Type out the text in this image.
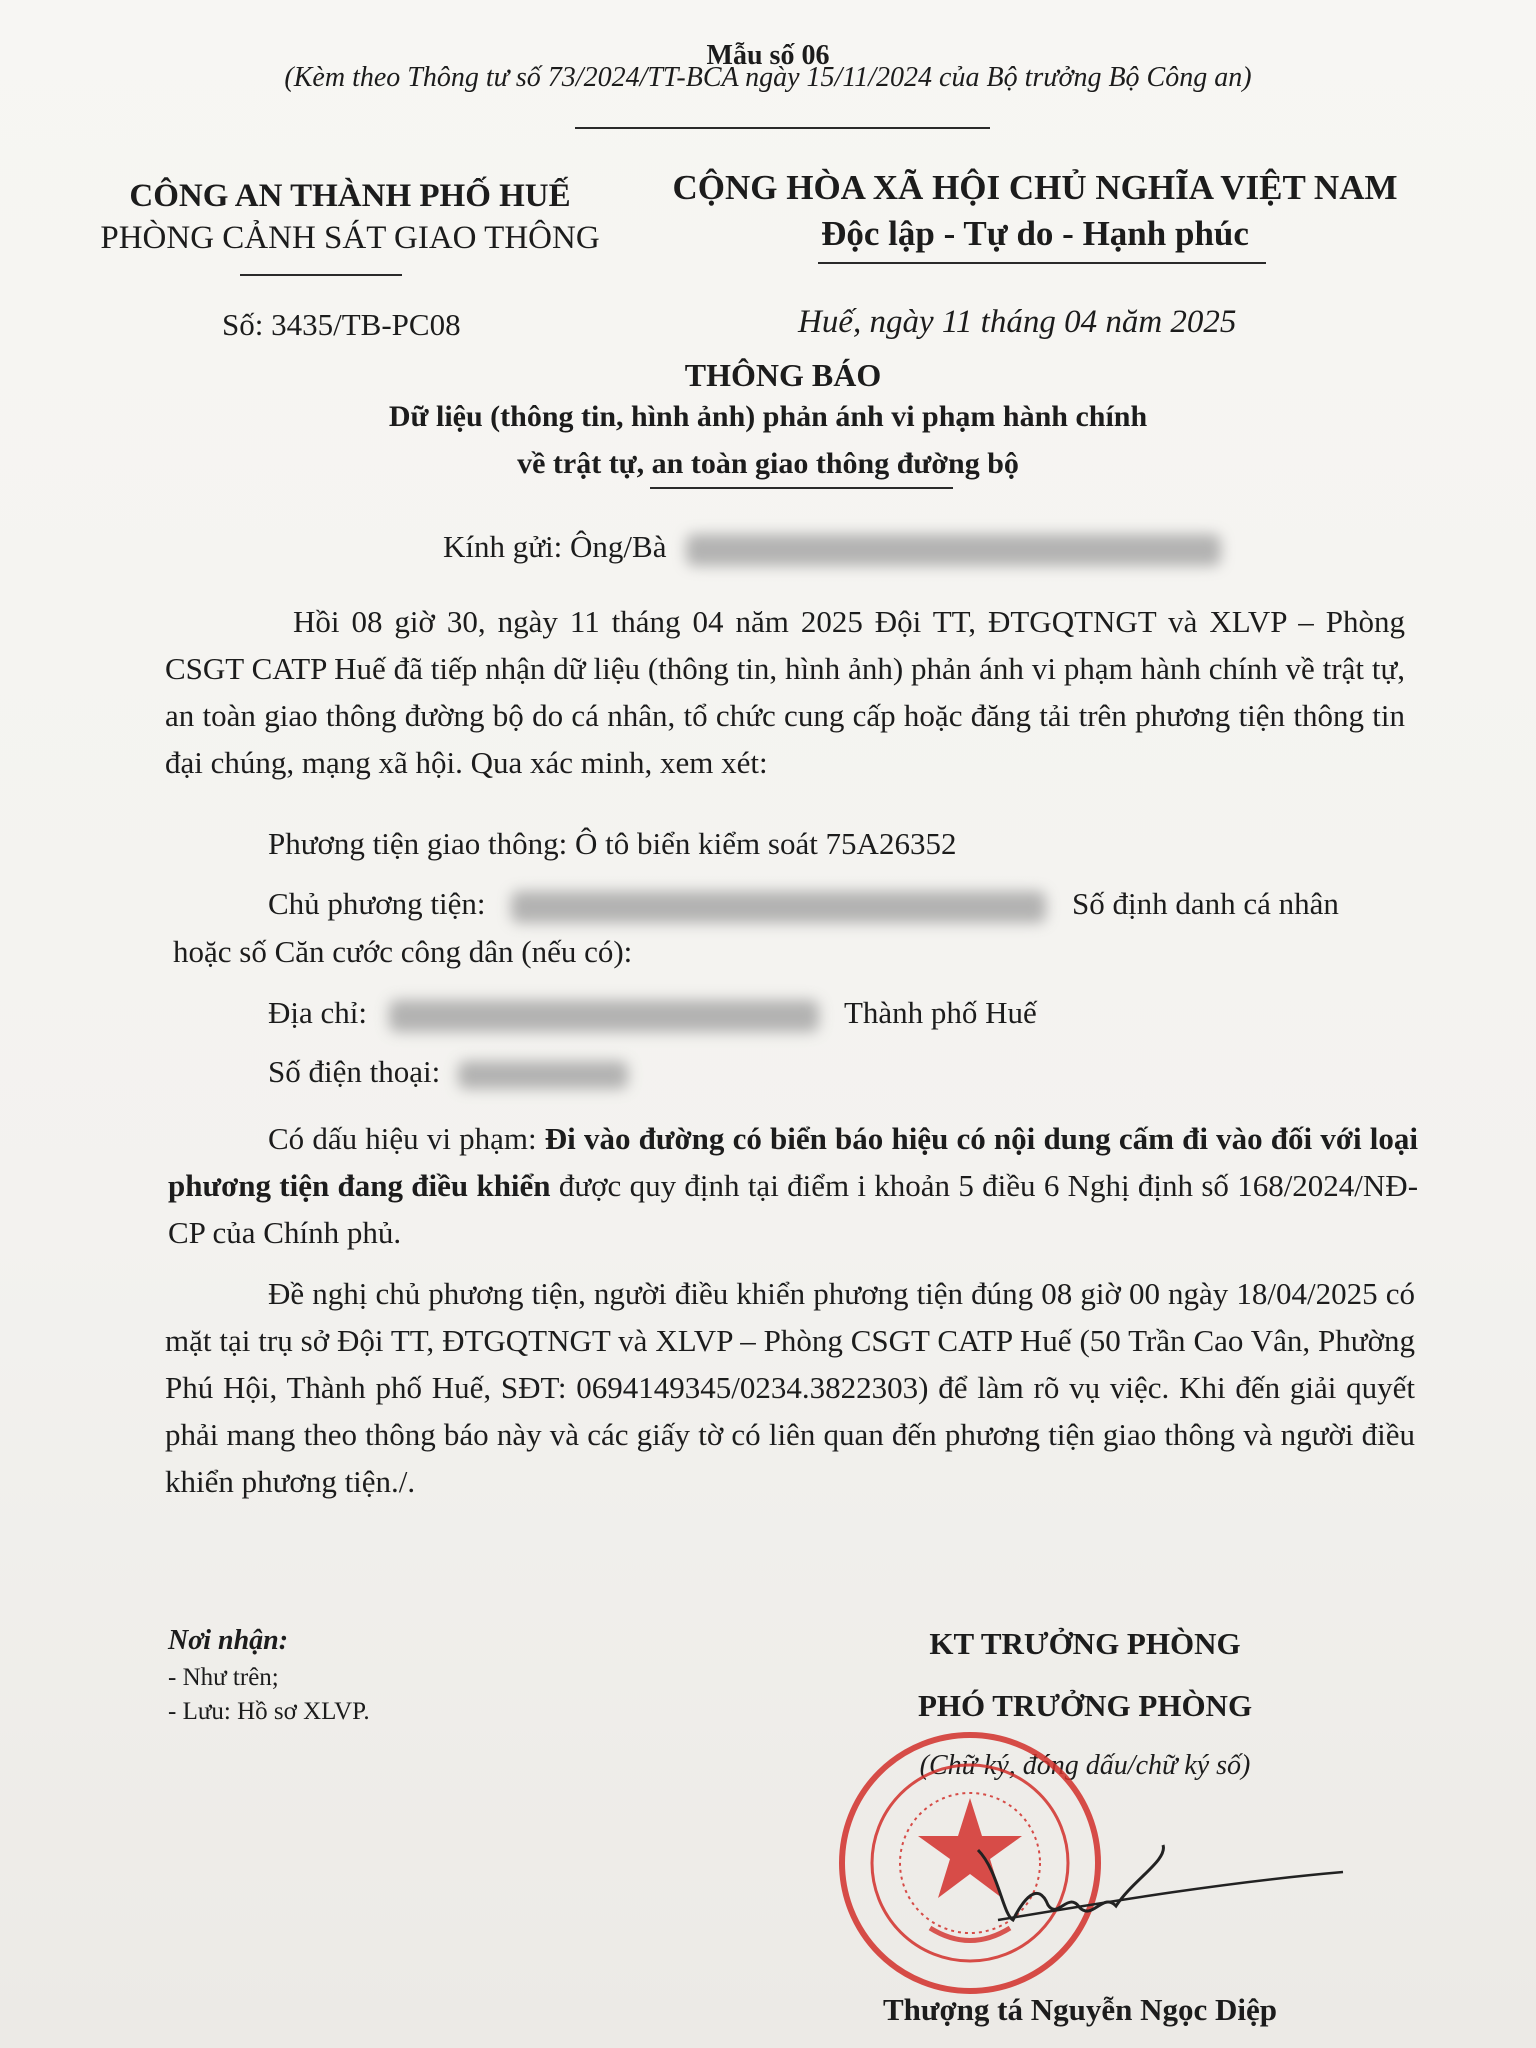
Mẫu số 06
(Kèm theo Thông tư số 73/2024/TT-BCA ngày 15/11/2024 của Bộ trưởng Bộ Công an)
CÔNG AN THÀNH PHỐ HUẾ
PHÒNG CẢNH SÁT GIAO THÔNG
Số: 3435/TB-PC08
CỘNG HÒA XÃ HỘI CHỦ NGHĨA VIỆT NAM
Độc lập - Tự do - Hạnh phúc
Huế, ngày 11 tháng 04 năm 2025
THÔNG BÁO
Dữ liệu (thông tin, hình ảnh) phản ánh vi phạm hành chính
về trật tự, an toàn giao thông đường bộ
Kính gửi: Ông/Bà
Hồi 08 giờ 30, ngày 11 tháng 04 năm 2025 Đội TT, ĐTGQTNGT và XLVP – Phòng CSGT CATP Huế đã tiếp nhận dữ liệu (thông tin, hình ảnh) phản ánh vi phạm hành chính về trật tự, an toàn giao thông đường bộ do cá nhân, tổ chức cung cấp hoặc đăng tải trên phương tiện thông tin đại chúng, mạng xã hội. Qua xác minh, xem xét:
Phương tiện giao thông: Ô tô biển kiểm soát 75A26352
Chủ phương tiện:	Số định danh cá nhân
hoặc số Căn cước công dân (nếu có):
Địa chỉ:	Thành phố Huế
Số điện thoại:
Có dấu hiệu vi phạm: Đi vào đường có biển báo hiệu có nội dung cấm đi vào đối với loại phương tiện đang điều khiển được quy định tại điểm i khoản 5 điều 6 Nghị định số 168/2024/NĐ-CP của Chính phủ.
Đề nghị chủ phương tiện, người điều khiển phương tiện đúng 08 giờ 00 ngày 18/04/2025 có mặt tại trụ sở Đội TT, ĐTGQTNGT và XLVP – Phòng CSGT CATP Huế (50 Trần Cao Vân, Phường Phú Hội, Thành phố Huế, SĐT: 0694149345/0234.3822303) để làm rõ vụ việc. Khi đến giải quyết phải mang theo thông báo này và các giấy tờ có liên quan đến phương tiện giao thông và người điều khiển phương tiện./.
Nơi nhận:
- Như trên;
- Lưu: Hồ sơ XLVP.
KT TRƯỞNG PHÒNG
PHÓ TRƯỞNG PHÒNG
(Chữ ký, đóng dấu/chữ ký số)
Thượng tá Nguyễn Ngọc Diệp
